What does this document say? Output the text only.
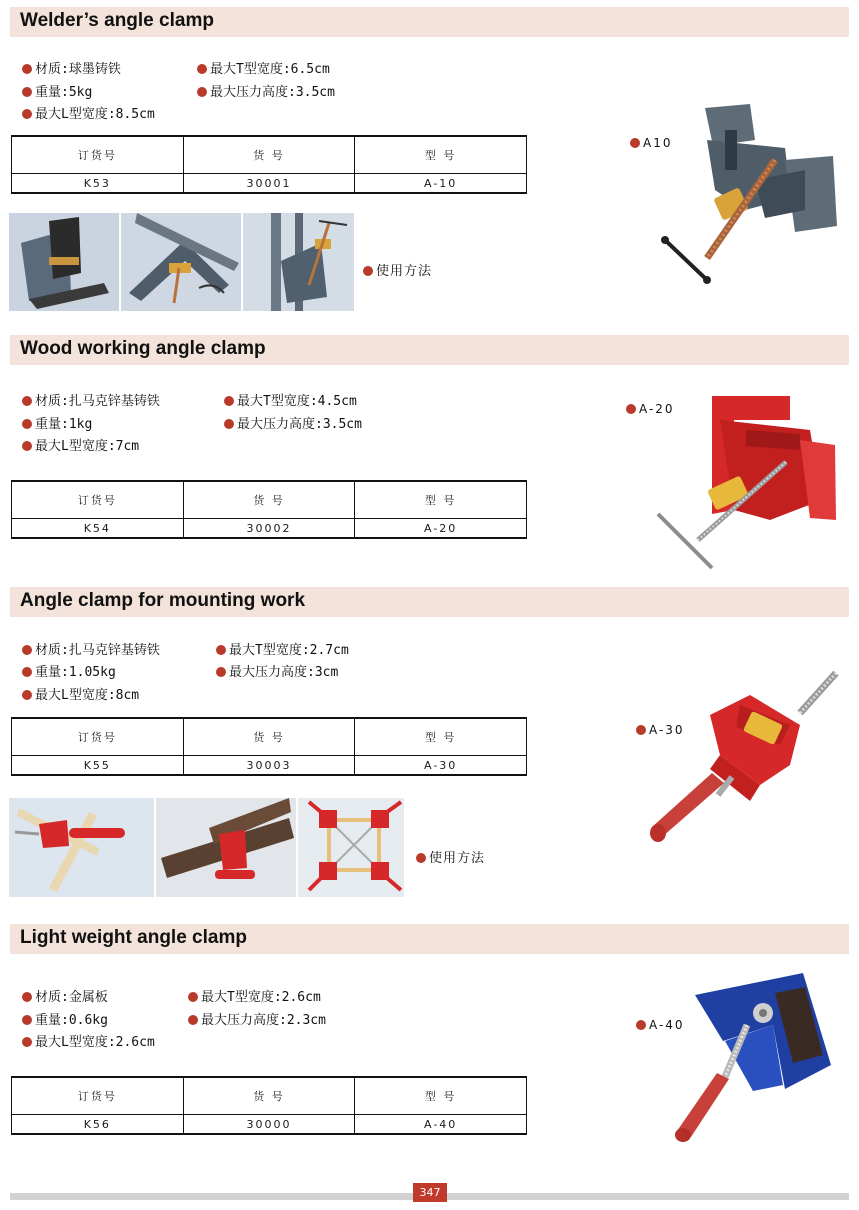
Welder’s angle clamp
材质:球墨铸铁	最大T型宽度:6.5cm
重量:5kg	最大压力高度:3.5cm
最大L型宽度:8.5cm
订货号	货 号	型 号
K53	30001	A-10
使用方法
A10
Wood working angle clamp
材质:扎马克锌基铸铁	最大T型宽度:4.5cm
重量:1kg	最大压力高度:3.5cm
最大L型宽度:7cm
订货号	货 号	型 号
K54	30002	A-20
A-20
Angle clamp for mounting work
材质:扎马克锌基铸铁	最大T型宽度:2.7cm
重量:1.05kg	最大压力高度:3cm
最大L型宽度:8cm
订货号	货 号	型 号
K55	30003	A-30
使用方法
A-30
Light weight angle clamp
材质:金属板	最大T型宽度:2.6cm
重量:0.6kg	最大压力高度:2.3cm
最大L型宽度:2.6cm
订货号	货 号	型 号
K56	30000	A-40
A-40
347
